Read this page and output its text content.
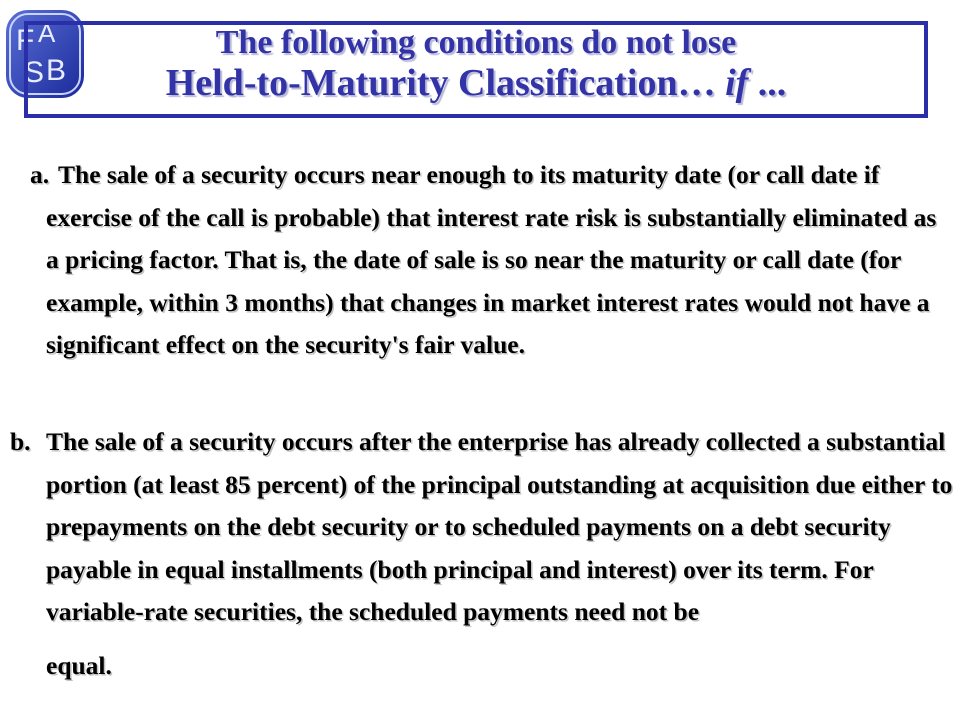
F A
S B
The following conditions do not lose
Held-to-Maturity Classification… if ...
a. The sale of a security occurs near enough to its maturity date (or call date if exercise of the call is probable) that interest rate risk is substantially eliminated as a pricing factor. That is, the date of sale is so near the maturity or call date (for example, within 3 months) that changes in market interest rates would not have a significant effect on the security's fair value.
b. The sale of a security occurs after the enterprise has already collected a substantial portion (at least 85 percent) of the principal outstanding at acquisition due either to prepayments on the debt security or to scheduled payments on a debt security payable in equal installments (both principal and interest) over its term. For variable-rate securities, the scheduled payments need not be
equal.
